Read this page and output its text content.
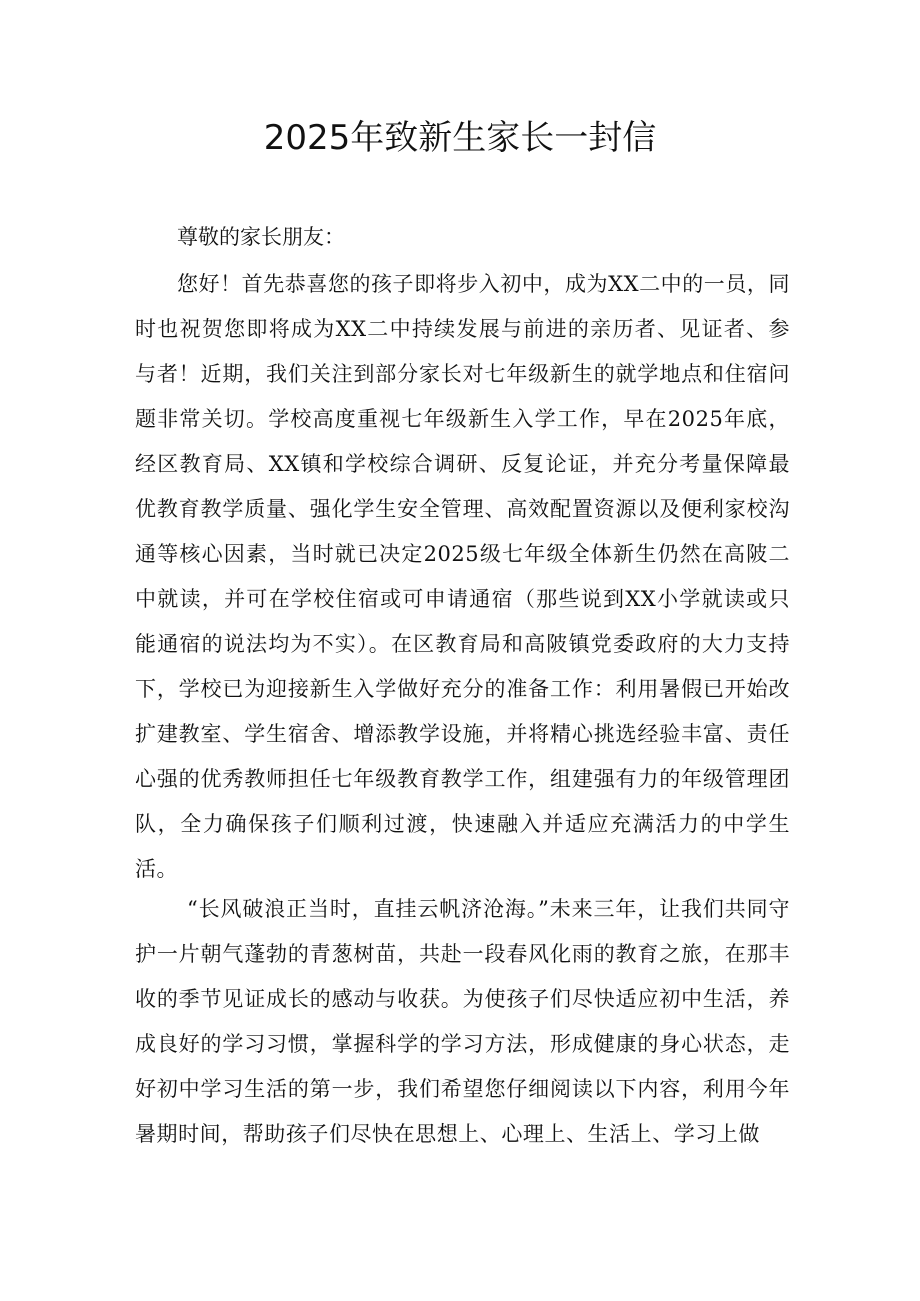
2025年致新生家长一封信
尊敬的家长朋友：
您好！首先恭喜您的孩子即将步入初中，成为XX二中的一员，同时也祝贺您即将成为XX二中持续发展与前进的亲历者、见证者、参与者！近期，我们关注到部分家长对七年级新生的就学地点和住宿问题非常关切。学校高度重视七年级新生入学工作，早在2025年底，经区教育局、XX镇和学校综合调研、反复论证，并充分考量保障最优教育教学质量、强化学生安全管理、高效配置资源以及便利家校沟通等核心因素，当时就已决定2025级七年级全体新生仍然在高陂二中就读，并可在学校住宿或可申请通宿（那些说到XX小学就读或只能通宿的说法均为不实）。在区教育局和高陂镇党委政府的大力支持下，学校已为迎接新生入学做好充分的准备工作：利用暑假已开始改扩建教室、学生宿舍、增添教学设施，并将精心挑选经验丰富、责任心强的优秀教师担任七年级教育教学工作，组建强有力的年级管理团队，全力确保孩子们顺利过渡，快速融入并适应充满活力的中学生活。
“长风破浪正当时，直挂云帆济沧海。”未来三年，让我们共同守护一片朝气蓬勃的青葱树苗，共赴一段春风化雨的教育之旅，在那丰收的季节见证成长的感动与收获。为使孩子们尽快适应初中生活，养成良好的学习习惯，掌握科学的学习方法，形成健康的身心状态，走好初中学习生活的第一步，我们希望您仔细阅读以下内容，利用今年暑期时间，帮助孩子们尽快在思想上、心理上、生活上、学习上做
